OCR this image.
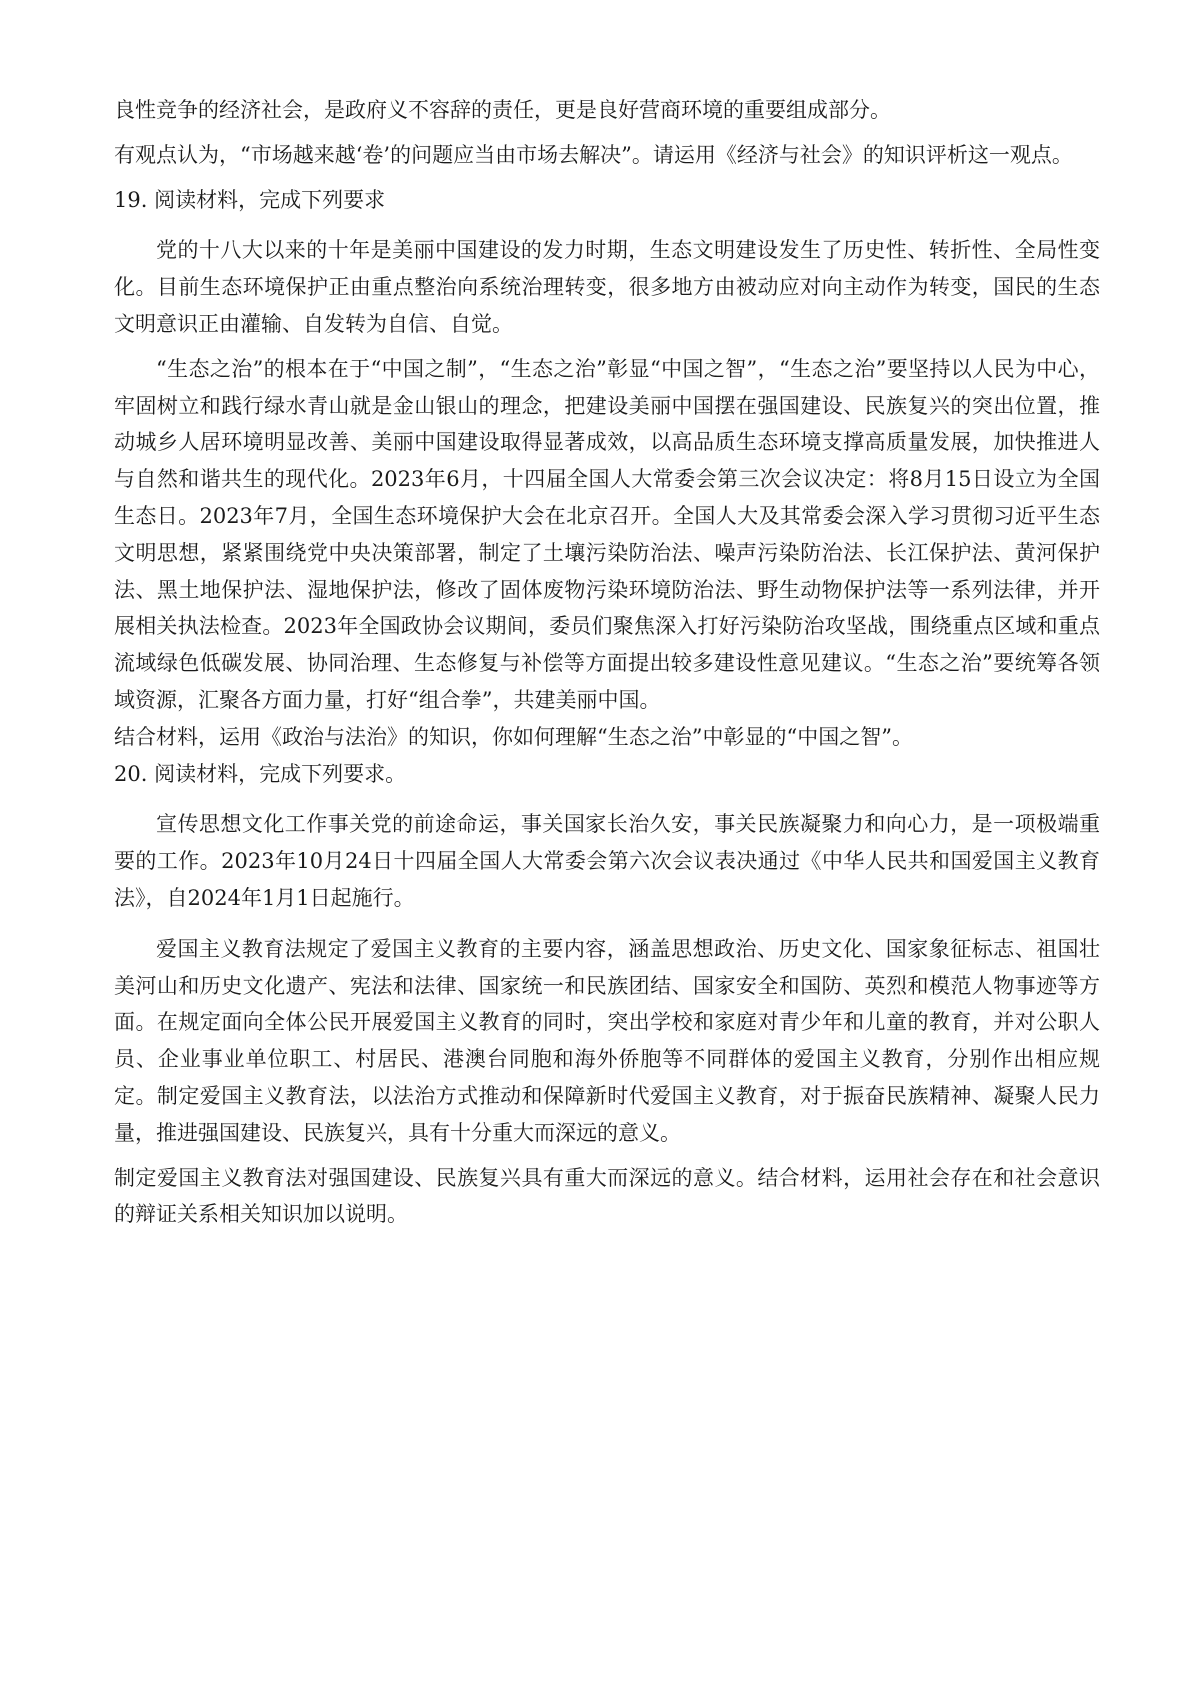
良性竞争的经济社会，是政府义不容辞的责任，更是良好营商环境的重要组成部分。

有观点认为，“市场越来越‘卷’的问题应当由市场去解决”。请运用《经济与社会》的知识评析这一观点。

19. 阅读材料，完成下列要求

党的十八大以来的十年是美丽中国建设的发力时期，生态文明建设发生了历史性、转折性、全局性变化。目前生态环境保护正由重点整治向系统治理转变，很多地方由被动应对向主动作为转变，国民的生态文明意识正由灌输、自发转为自信、自觉。

“生态之治”的根本在于“中国之制”，“生态之治”彰显“中国之智”，“生态之治”要坚持以人民为中心，牢固树立和践行绿水青山就是金山银山的理念，把建设美丽中国摆在强国建设、民族复兴的突出位置，推动城乡人居环境明显改善、美丽中国建设取得显著成效，以高品质生态环境支撑高质量发展，加快推进人与自然和谐共生的现代化。2023年6月，十四届全国人大常委会第三次会议决定：将8月15日设立为全国生态日。2023年7月，全国生态环境保护大会在北京召开。全国人大及其常委会深入学习贯彻习近平生态文明思想，紧紧围绕党中央决策部署，制定了土壤污染防治法、噪声污染防治法、长江保护法、黄河保护法、黑土地保护法、湿地保护法，修改了固体废物污染环境防治法、野生动物保护法等一系列法律，并开展相关执法检查。2023年全国政协会议期间，委员们聚焦深入打好污染防治攻坚战，围绕重点区域和重点流域绿色低碳发展、协同治理、生态修复与补偿等方面提出较多建设性意见建议。“生态之治”要统筹各领域资源，汇聚各方面力量，打好“组合拳”，共建美丽中国。

结合材料，运用《政治与法治》的知识，你如何理解“生态之治”中彰显的“中国之智”。

20. 阅读材料，完成下列要求。

宣传思想文化工作事关党的前途命运，事关国家长治久安，事关民族凝聚力和向心力，是一项极端重要的工作。2023年10月24日十四届全国人大常委会第六次会议表决通过《中华人民共和国爱国主义教育法》，自2024年1月1日起施行。

爱国主义教育法规定了爱国主义教育的主要内容，涵盖思想政治、历史文化、国家象征标志、祖国壮美河山和历史文化遗产、宪法和法律、国家统一和民族团结、国家安全和国防、英烈和模范人物事迹等方面。在规定面向全体公民开展爱国主义教育的同时，突出学校和家庭对青少年和儿童的教育，并对公职人员、企业事业单位职工、村居民、港澳台同胞和海外侨胞等不同群体的爱国主义教育，分别作出相应规定。制定爱国主义教育法，以法治方式推动和保障新时代爱国主义教育，对于振奋民族精神、凝聚人民力量，推进强国建设、民族复兴，具有十分重大而深远的意义。

制定爱国主义教育法对强国建设、民族复兴具有重大而深远的意义。结合材料，运用社会存在和社会意识的辩证关系相关知识加以说明。
